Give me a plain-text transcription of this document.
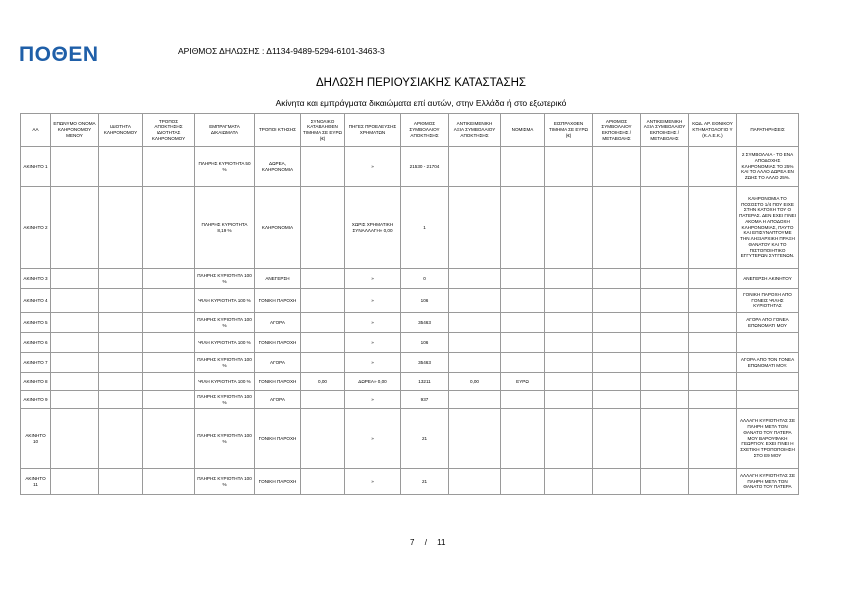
ΠΟΘΕΝ	ΑΡΙΘΜΟΣ ΔΗΛΩΣΗΣ : Δ1134-9489-5294-6101-3463-3
ΔΗΛΩΣΗ ΠΕΡΙΟΥΣΙΑΚΗΣ ΚΑΤΑΣΤΑΣΗΣ
Ακίνητα και εμπράγματα δικαιώματα επί αυτών, στην Ελλάδα ή στο εξωτερικό
ΑΑ	ΕΠΩΝΥΜΟ ΟΝΟΜΑ ΚΛΗΡΟΝΟΜΟΥ ΜΕΝΟΥ	ΙΔΙΟΤΗΤΑ ΚΛΗΡΟΝΟΜΟΥ	ΤΡΟΠΟΣ ΑΠΟΚΤΗΣΗΣ ΙΔΙΟΤΗΤΑΣ ΚΛΗΡΟΝΟΜΟΥ	ΕΜΠΡΑΓΜΑΤΑ ΔΙΚΑΙΩΜΑΤΑ	ΤΡΟΠΟΙ ΚΤΗΣΗΣ	ΣΥΝΟΛΙΚΟ ΚΑΤΑΒΛΗΘΕΝ ΤΙΜΗΜΑ ΣΕ ΕΥΡΩ (€)	ΠΗΓΕΣ ΠΡΟΕΛΕΥΣΗΣ ΧΡΗΜΑΤΩΝ	ΑΡΙΘΜΟΣ ΣΥΜΒΟΛΑΙΟΥ ΑΠΟΚΤΗΣΗΣ	ΑΝΤΙΚΕΙΜΕΝΙΚΗ ΑΞΙΑ ΣΥΜΒΟΛΑΙΟΥ ΑΠΟΚΤΗΣΗΣ	ΝΟΜΙΣΜΑ	ΕΙΣΠΡΑΧΘΕΝ ΤΙΜΗΜΑ ΣΕ ΕΥΡΩ (€)	ΑΡΙΘΜΟΣ ΣΥΜΒΟΛΑΙΟΥ ΕΚΠΟΙΗΣΗΣ /ΜΕΤΑΒΟΛΗΣ	ΑΝΤΙΚΕΙΜΕΝΙΚΗ ΑΞΙΑ ΣΥΜΒΟΛΑΙΟΥ ΕΚΠΟΙΗΣΗΣ / ΜΕΤΑΒΟΛΗΣ	ΚΩΔ. ΑΡ. ΕΘΝΙΚΟΥ ΚΤΗΜΑΤΟΛΟΓΙΟ Υ (Κ.Α.Ε.Κ.)	ΠΑΡΑΤΗΡΗΣΕΙΣ
ΑΚΙΝΗΤΟ 1				ΠΛΗΡΗΣ ΚΥΡΙΟΤΗΤΑ 50 %	ΔΩΡΕΑ, ΚΛΗΡΟΝΟΜΙΑ		»	21530 - 21704							2 ΣΥΜΒΟΛΑΙΑ - ΤΟ ΕΝΑ ΑΠΟΔΟΧΗΣ ΚΛΗΡΟΝΟΜΙΑΣ ΤΟ 25% ΚΑΙ ΤΟ ΑΛΛΟ ΔΩΡΕΑ ΕΝ ΖΩΗΣ ΤΟ ΑΛΛΟ 25%.
ΑΚΙΝΗΤΟ 2				ΠΛΗΡΗΣ ΚΥΡΙΟΤΗΤΑ 8,19 %	ΚΛΗΡΟΝΟΜΙΑ		ΧΩΡΙΣ ΧΡΗΜΑΤΙΚΗ ΣΥΝΑΛΛΑΓΗ» 0,00	1							ΚΛΗΡΟΝΟΜΙΑ ΤΟ ΠΟΣΟΣΤΟ 1/4 ΠΟΥ ΕΙΧΕ ΣΤΗΝ ΚΑΤΟΧΗ ΤΟΥ Ο ΠΑΤΕΡΑΣ. ΔΕΝ ΕΧΕΙ ΓΙΝΕΙ ΑΚΟΜΑ Η ΑΠΟΔΟΧΗ ΚΛΗΡΟΝΟΜΙΑΣ, ΠΑΥΤΟ ΚΑΙ ΕΠΙΣΥΝΑΠΤΟΥΜΕ ΤΗΝ ΛΗΞΙΑΡΧΙΚΗ ΠΡΑΞΗ ΘΑΝΑΤΟΥ ΚΑΙ ΤΟ ΠΙΣΤΟΠΟΙΗΤΙΚΟ ΕΓΓΥΤΕΡΩΝ ΣΥΓΓΕΝΩΝ.
ΑΚΙΝΗΤΟ 3				ΠΛΗΡΗΣ ΚΥΡΙΟΤΗΤΑ 100 %	ΑΝΕΓΕΡΣΗ		»	0							ΑΝΕΓΕΡΣΗ ΑΚΙΝΗΤΟΥ
ΑΚΙΝΗΤΟ 4				ΨΙΛΗ ΚΥΡΙΟΤΗΤΑ 100 %	ΓΟΝΙΚΗ ΠΑΡΟΧΗ		»	106							ΓΟΝΙΚΗ ΠΑΡΟΧΗ ΑΠΟ ΓΟΝΕΙΣ ΨΙΛΗΣ ΚΥΡΙΟΤΗΤΑΣ
ΑΚΙΝΗΤΟ 5				ΠΛΗΡΗΣ ΚΥΡΙΟΤΗΤΑ 100 %	ΑΓΟΡΑ		»	35463							ΑΓΟΡΑ ΑΠΟ ΓΟΝΕΑ ΕΠΩΝΟΜΑΤΙ ΜΟΥ
ΑΚΙΝΗΤΟ 6				ΨΙΛΗ ΚΥΡΙΟΤΗΤΑ 100 %	ΓΟΝΙΚΗ ΠΑΡΟΧΗ		»	106							
ΑΚΙΝΗΤΟ 7				ΠΛΗΡΗΣ ΚΥΡΙΟΤΗΤΑ 100 %	ΑΓΟΡΑ		»	35463							ΑΓΟΡΑ ΑΠΟ ΤΟΝ ΓΟΝΕΑ ΕΠΩΝΟΜΑΤΙ ΜΟΥ.
ΑΚΙΝΗΤΟ 8				ΨΙΛΗ ΚΥΡΙΟΤΗΤΑ 100 %	ΓΟΝΙΚΗ ΠΑΡΟΧΗ	0,00	ΔΩΡΕΑ» 0,00	13211	0,00	ΕΥΡΩ					
ΑΚΙΝΗΤΟ 9				ΠΛΗΡΗΣ ΚΥΡΙΟΤΗΤΑ 100 %	ΑΓΟΡΑ		»	937							
ΑΚΙΝΗΤΟ 10				ΠΛΗΡΗΣ ΚΥΡΙΟΤΗΤΑ 100 %	ΓΟΝΙΚΗ ΠΑΡΟΧΗ		»	21							ΑΛΛΑΓΗ ΚΥΡΙΟΤΗΤΑΣ ΣΕ ΠΛΗΡΗ ΜΕΤΑ ΤΟΝ ΘΑΝΑΤΟ ΤΟΥ ΠΑΤΕΡΑ ΜΟΥ ΒΑΡΟΥΦΑΚΗ ΓΕΩΡΓΙΟΥ. ΕΧΕΙ ΓΙΝΕΙ Η ΣΧΕΤΙΚΗ ΤΡΟΠΟΠΟΙΗΣΗ ΣΤΟ Ε9 ΜΟΥ
ΑΚΙΝΗΤΟ 11				ΠΛΗΡΗΣ ΚΥΡΙΟΤΗΤΑ 100 %	ΓΟΝΙΚΗ ΠΑΡΟΧΗ		»	21							ΑΛΛΑΓΗ ΚΥΡΙΟΤΗΤΑΣ ΣΕ ΠΛΗΡΗ ΜΕΤΑ ΤΟΝ ΘΑΝΑΤΟ ΤΟΥ ΠΑΤΕΡΑ
7 / 11
